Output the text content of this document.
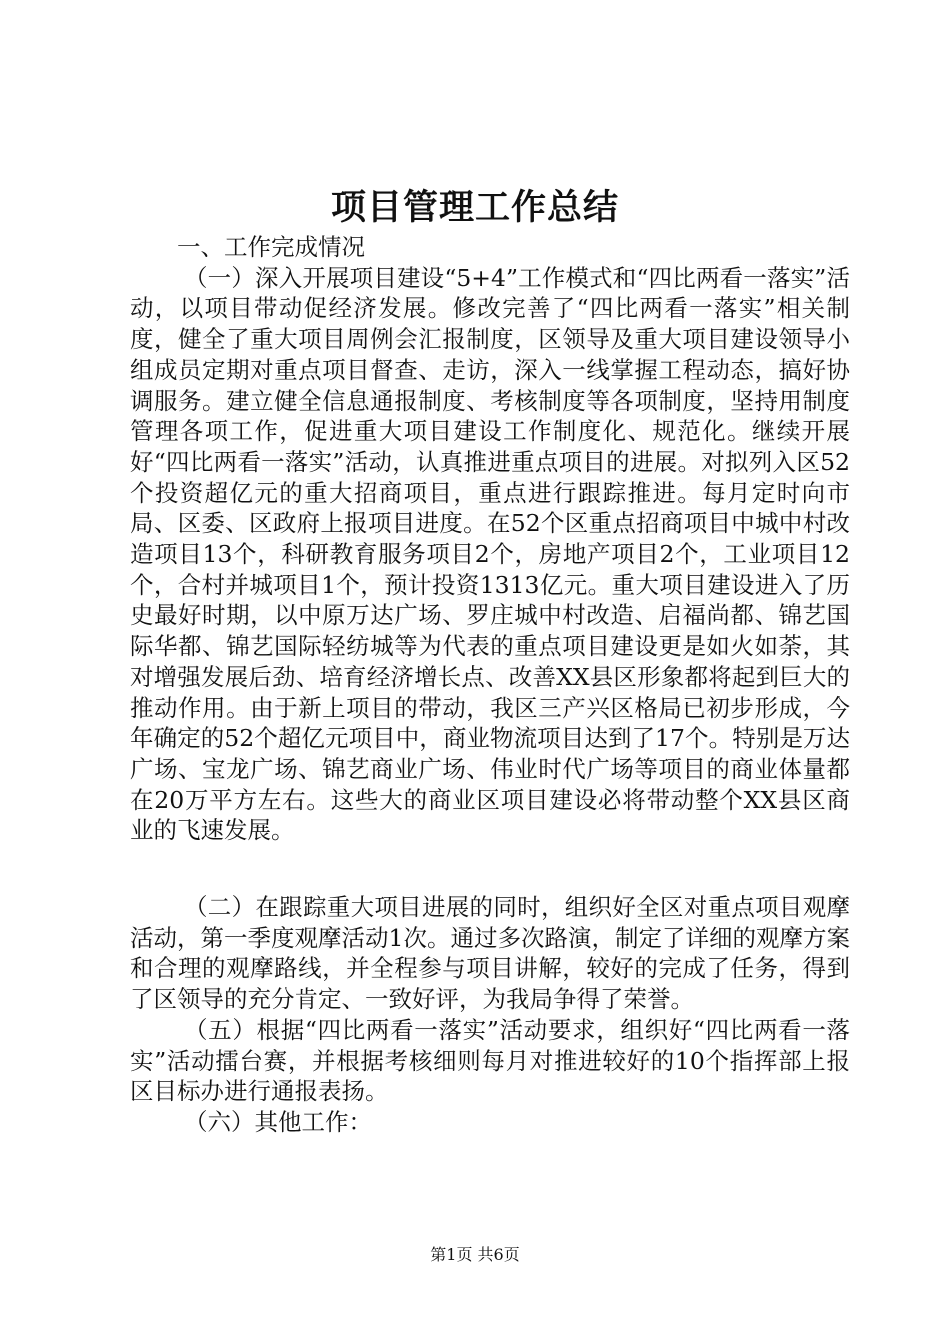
项目管理工作总结

一、工作完成情况

（一）深入开展项目建设“5+4”工作模式和“四比两看一落实”活动，以项目带动促经济发展。修改完善了“四比两看一落实”相关制度，健全了重大项目周例会汇报制度，区领导及重大项目建设领导小组成员定期对重点项目督查、走访，深入一线掌握工程动态，搞好协调服务。建立健全信息通报制度、考核制度等各项制度，坚持用制度管理各项工作，促进重大项目建设工作制度化、规范化。继续开展好“四比两看一落实”活动，认真推进重点项目的进展。对拟列入区52个投资超亿元的重大招商项目，重点进行跟踪推进。每月定时向市局、区委、区政府上报项目进度。在52个区重点招商项目中城中村改造项目13个，科研教育服务项目2个，房地产项目2个，工业项目12个，合村并城项目1个，预计投资1313亿元。重大项目建设进入了历史最好时期，以中原万达广场、罗庄城中村改造、启福尚都、锦艺国际华都、锦艺国际轻纺城等为代表的重点项目建设更是如火如荼，其对增强发展后劲、培育经济增长点、改善XX县区形象都将起到巨大的推动作用。由于新上项目的带动，我区三产兴区格局已初步形成，今年确定的52个超亿元项目中，商业物流项目达到了17个。特别是万达广场、宝龙广场、锦艺商业广场、伟业时代广场等项目的商业体量都在20万平方左右。这些大的商业区项目建设必将带动整个XX县区商业的飞速发展。

（二）在跟踪重大项目进展的同时，组织好全区对重点项目观摩活动，第一季度观摩活动1次。通过多次路演，制定了详细的观摩方案和合理的观摩路线，并全程参与项目讲解，较好的完成了任务，得到了区领导的充分肯定、一致好评，为我局争得了荣誉。

（五）根据“四比两看一落实”活动要求，组织好“四比两看一落实”活动擂台赛，并根据考核细则每月对推进较好的10个指挥部上报区目标办进行通报表扬。

（六）其他工作：

第1页 共6页
